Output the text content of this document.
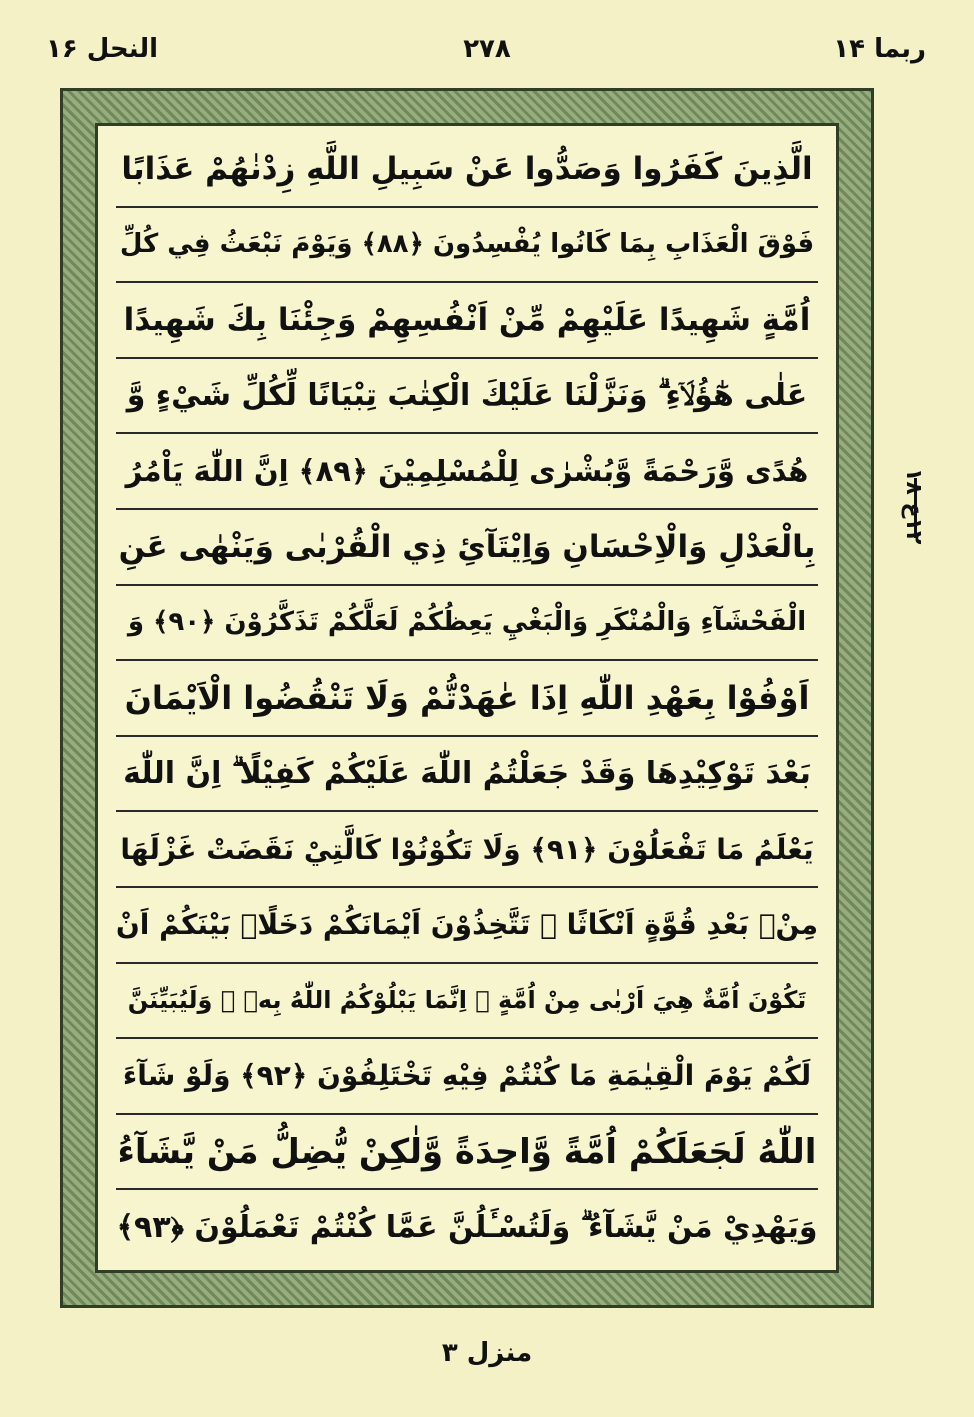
ربما ۱۴
۲۷۸
النحل ۱۶
الَّذِينَ كَفَرُوا وَصَدُّوا عَنْ سَبِيلِ اللَّهِ زِدْنٰهُمْ عَذَابًا
فَوْقَ الْعَذَابِ بِمَا كَانُوا يُفْسِدُونَ ﴿۸۸﴾ وَيَوْمَ نَبْعَثُ فِي كُلِّ
اُمَّةٍ شَهِيدًا عَلَيْهِمْ مِّنْ اَنْفُسِهِمْ وَجِئْنَا بِكَ شَهِيدًا
عَلٰى هٰٓؤُلَاۤءِ ۗ وَنَزَّلْنَا عَلَيْكَ الْكِتٰبَ تِبْيَانًا لِّكُلِّ شَيْءٍ وَّ
هُدًى وَّرَحْمَةً وَّبُشْرٰى لِلْمُسْلِمِيْنَ ﴿۸۹﴾ اِنَّ اللّٰهَ يَاْمُرُ
بِالْعَدْلِ وَالْاِحْسَانِ وَاِيْتَآئِ ذِي الْقُرْبٰى وَيَنْهٰى عَنِ
الْفَحْشَآءِ وَالْمُنْكَرِ وَالْبَغْيِ يَعِظُكُمْ لَعَلَّكُمْ تَذَكَّرُوْنَ ﴿۹۰﴾ وَ
اَوْفُوْا بِعَهْدِ اللّٰهِ اِذَا عٰهَدْتُّمْ وَلَا تَنْقُضُوا الْاَيْمَانَ
بَعْدَ تَوْكِيْدِهَا وَقَدْ جَعَلْتُمُ اللّٰهَ عَلَيْكُمْ كَفِيْلًا ۗ اِنَّ اللّٰهَ
يَعْلَمُ مَا تَفْعَلُوْنَ ﴿۹۱﴾ وَلَا تَكُوْنُوْا كَالَّتِيْ نَقَضَتْ غَزْلَهَا
مِنْۢ بَعْدِ قُوَّةٍ اَنْكَاثًا ۗ تَتَّخِذُوْنَ اَيْمَانَكُمْ دَخَلًاۢ بَيْنَكُمْ اَنْ
تَكُوْنَ اُمَّةٌ هِيَ اَرْبٰى مِنْ اُمَّةٍ ۗ اِنَّمَا يَبْلُوْكُمُ اللّٰهُ بِهٖ ۗ وَلَيُبَيِّنَنَّ
لَكُمْ يَوْمَ الْقِيٰمَةِ مَا كُنْتُمْ فِيْهِ تَخْتَلِفُوْنَ ﴿۹۲﴾ وَلَوْ شَآءَ
اللّٰهُ لَجَعَلَكُمْ اُمَّةً وَّاحِدَةً وَّلٰكِنْ يُّضِلُّ مَنْ يَّشَآءُ
وَيَهْدِيْ مَنْ يَّشَآءُ ۗ وَلَتُسْـَٔلُنَّ عَمَّا كُنْتُمْ تَعْمَلُوْنَ ﴿۹۳﴾
۱۲ع ۱۸
منزل ۳
